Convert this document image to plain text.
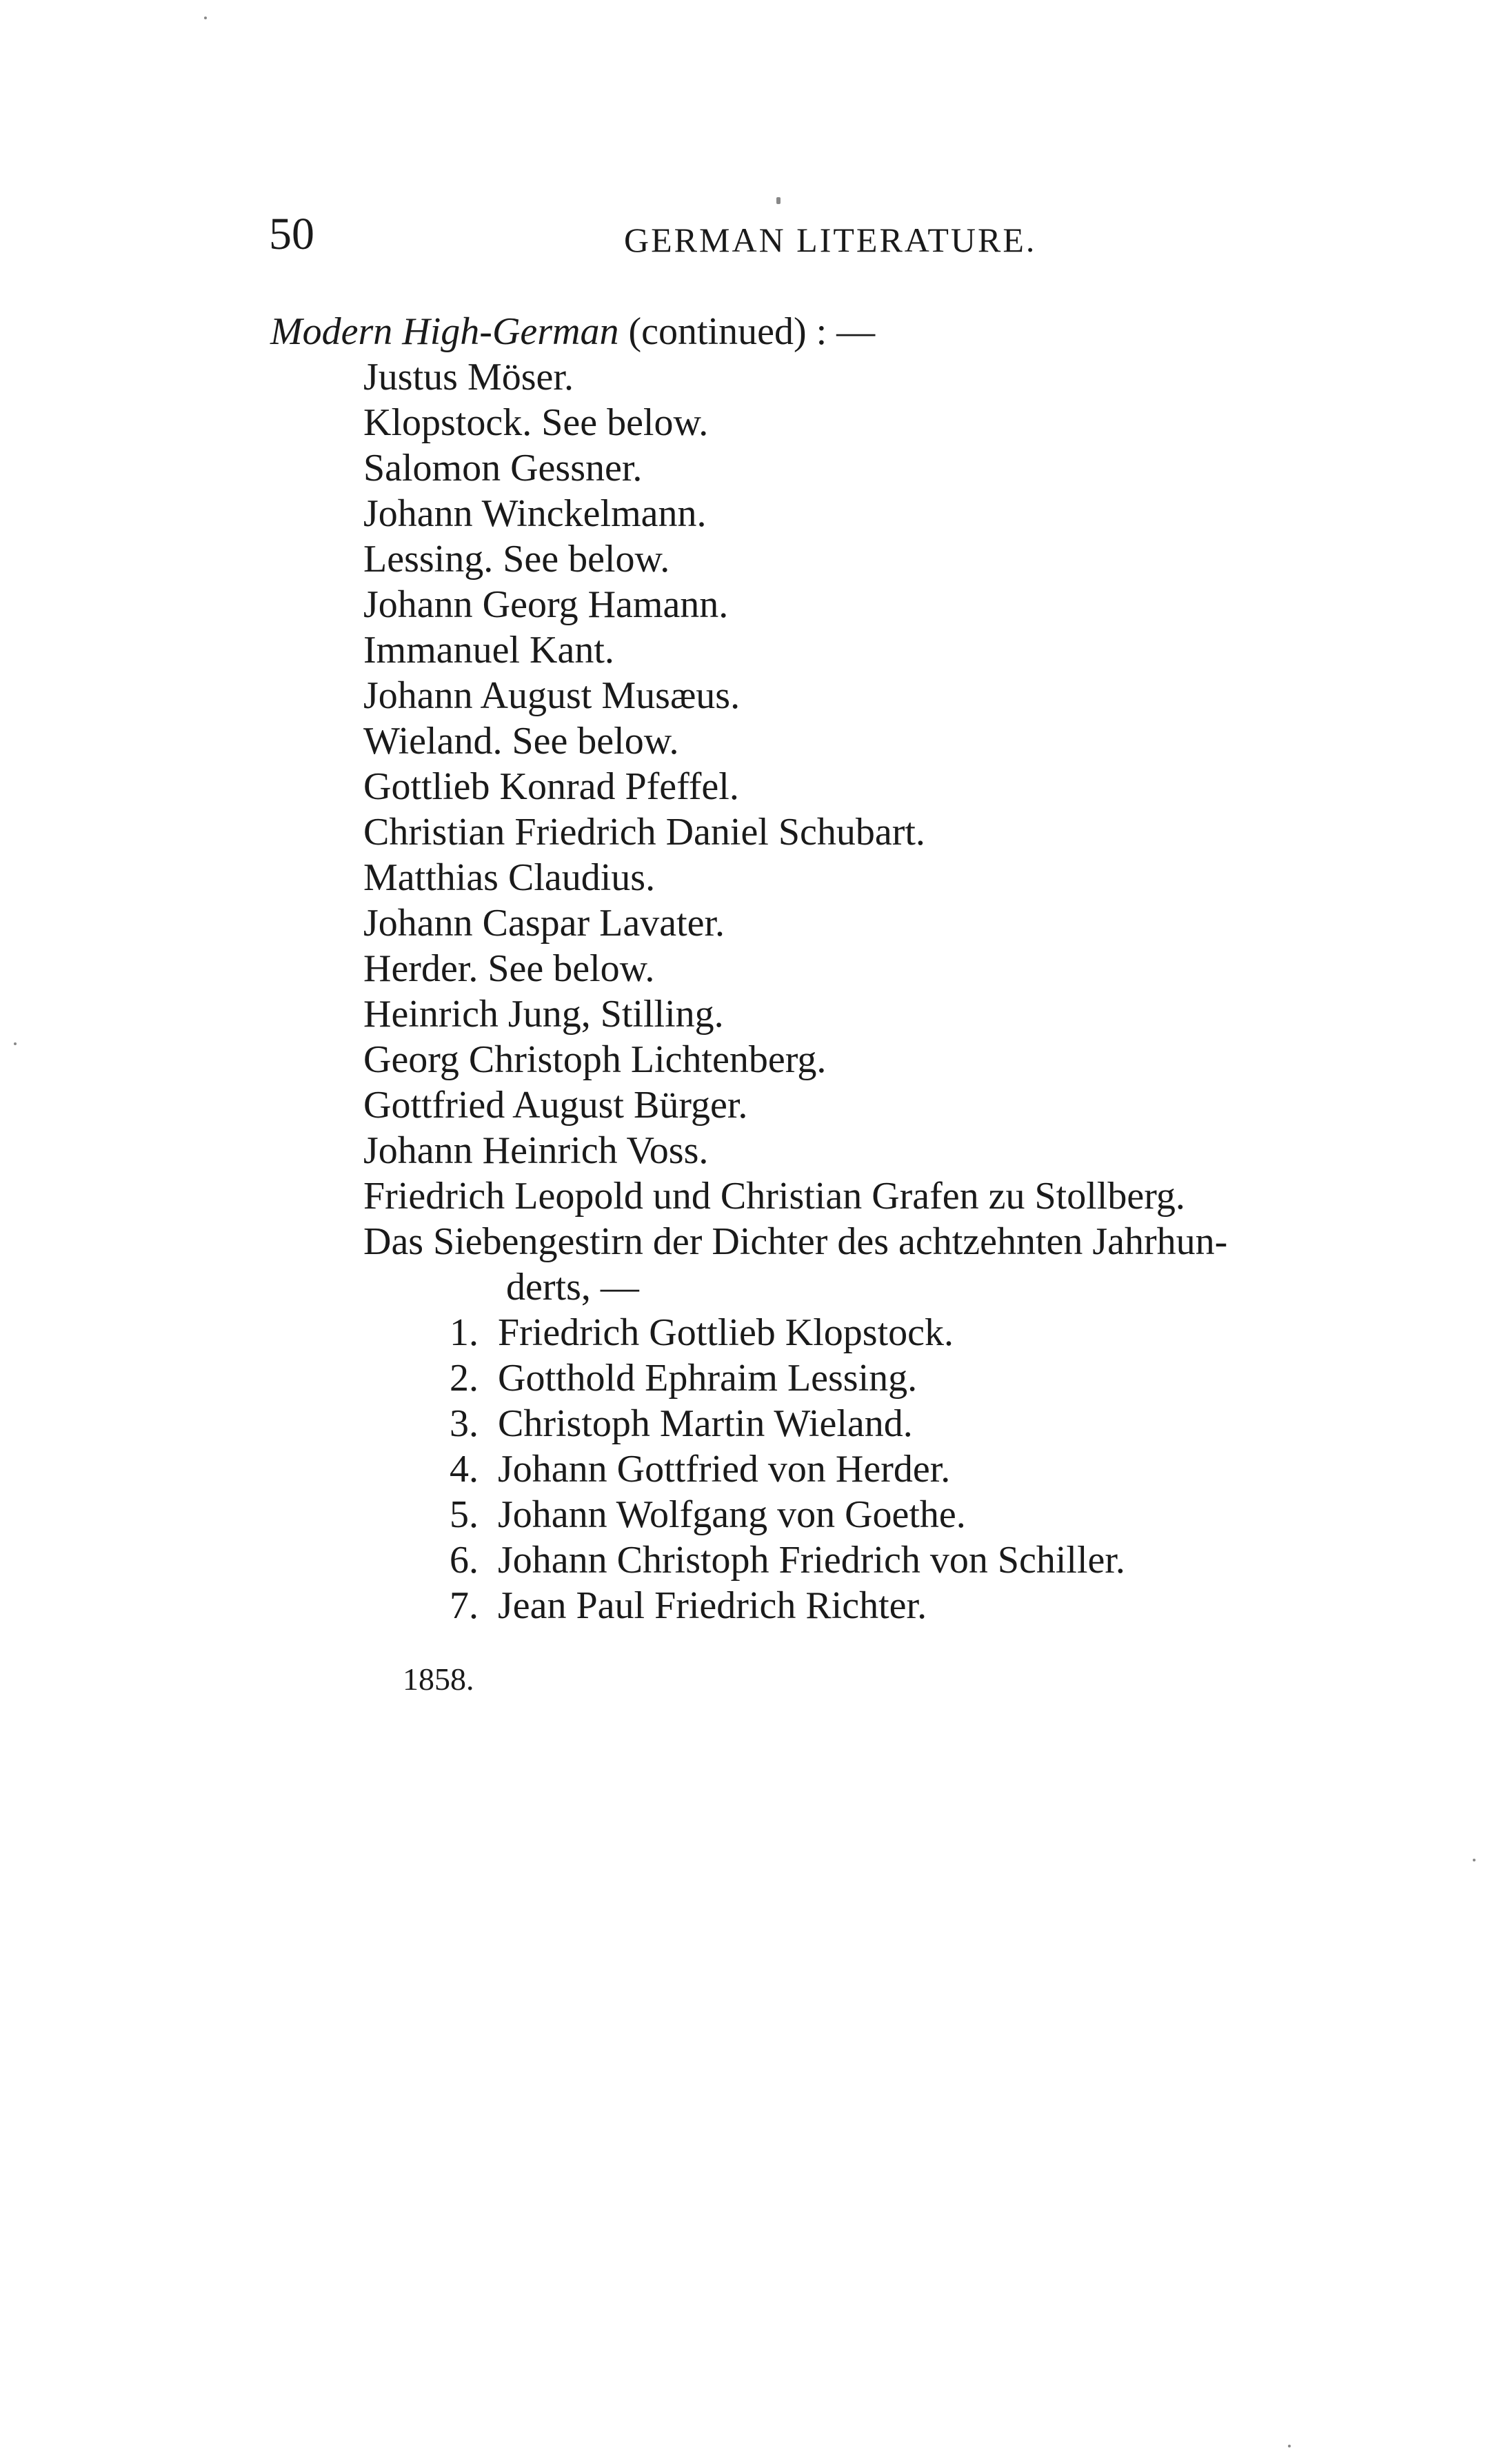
50	GERMAN LITERATURE.
Modern High-German (continued) : —
Justus Möser.
Klopstock. See below.
Salomon Gessner.
Johann Winckelmann.
Lessing. See below.
Johann Georg Hamann.
Immanuel Kant.
Johann August Musæus.
Wieland. See below.
Gottlieb Konrad Pfeffel.
Christian Friedrich Daniel Schubart.
Matthias Claudius.
Johann Caspar Lavater.
Herder. See below.
Heinrich Jung, Stilling.
Georg Christoph Lichtenberg.
Gottfried August Bürger.
Johann Heinrich Voss.
Friedrich Leopold und Christian Grafen zu Stollberg.
Das Siebengestirn der Dichter des achtzehnten Jahrhun-
derts, —
1. Friedrich Gottlieb Klopstock.
2. Gotthold Ephraim Lessing.
3. Christoph Martin Wieland.
4. Johann Gottfried von Herder.
5. Johann Wolfgang von Goethe.
6. Johann Christoph Friedrich von Schiller.
7. Jean Paul Friedrich Richter.
1858.
